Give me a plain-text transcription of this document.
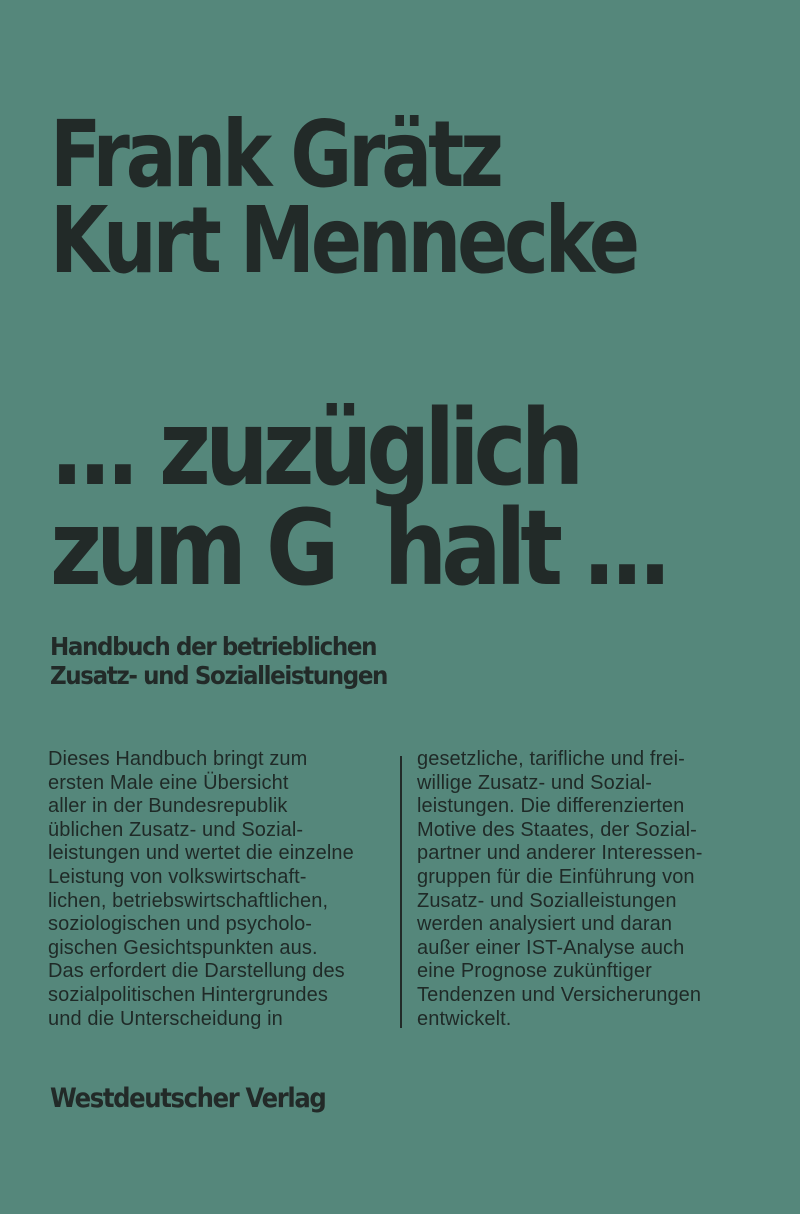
Frank Grätz
Kurt Mennecke
... zuzüglich
zum G  halt ...
Handbuch der betrieblichen
Zusatz- und Sozialleistungen
Dieses Handbuch bringt zum
ersten Male eine Übersicht
aller in der Bundesrepublik
üblichen Zusatz- und Sozial-
leistungen und wertet die einzelne
Leistung von volkswirtschaft-
lichen, betriebswirtschaftlichen,
soziologischen und psycholo-
gischen Gesichtspunkten aus.
Das erfordert die Darstellung des
sozialpolitischen Hintergrundes
und die Unterscheidung in
gesetzliche, tarifliche und frei-
willige Zusatz- und Sozial-
leistungen. Die differenzierten
Motive des Staates, der Sozial-
partner und anderer Interessen-
gruppen für die Einführung von
Zusatz- und Sozialleistungen
werden analysiert und daran
außer einer IST-Analyse auch
eine Prognose zukünftiger
Tendenzen und Versicherungen
entwickelt.
Westdeutscher Verlag
